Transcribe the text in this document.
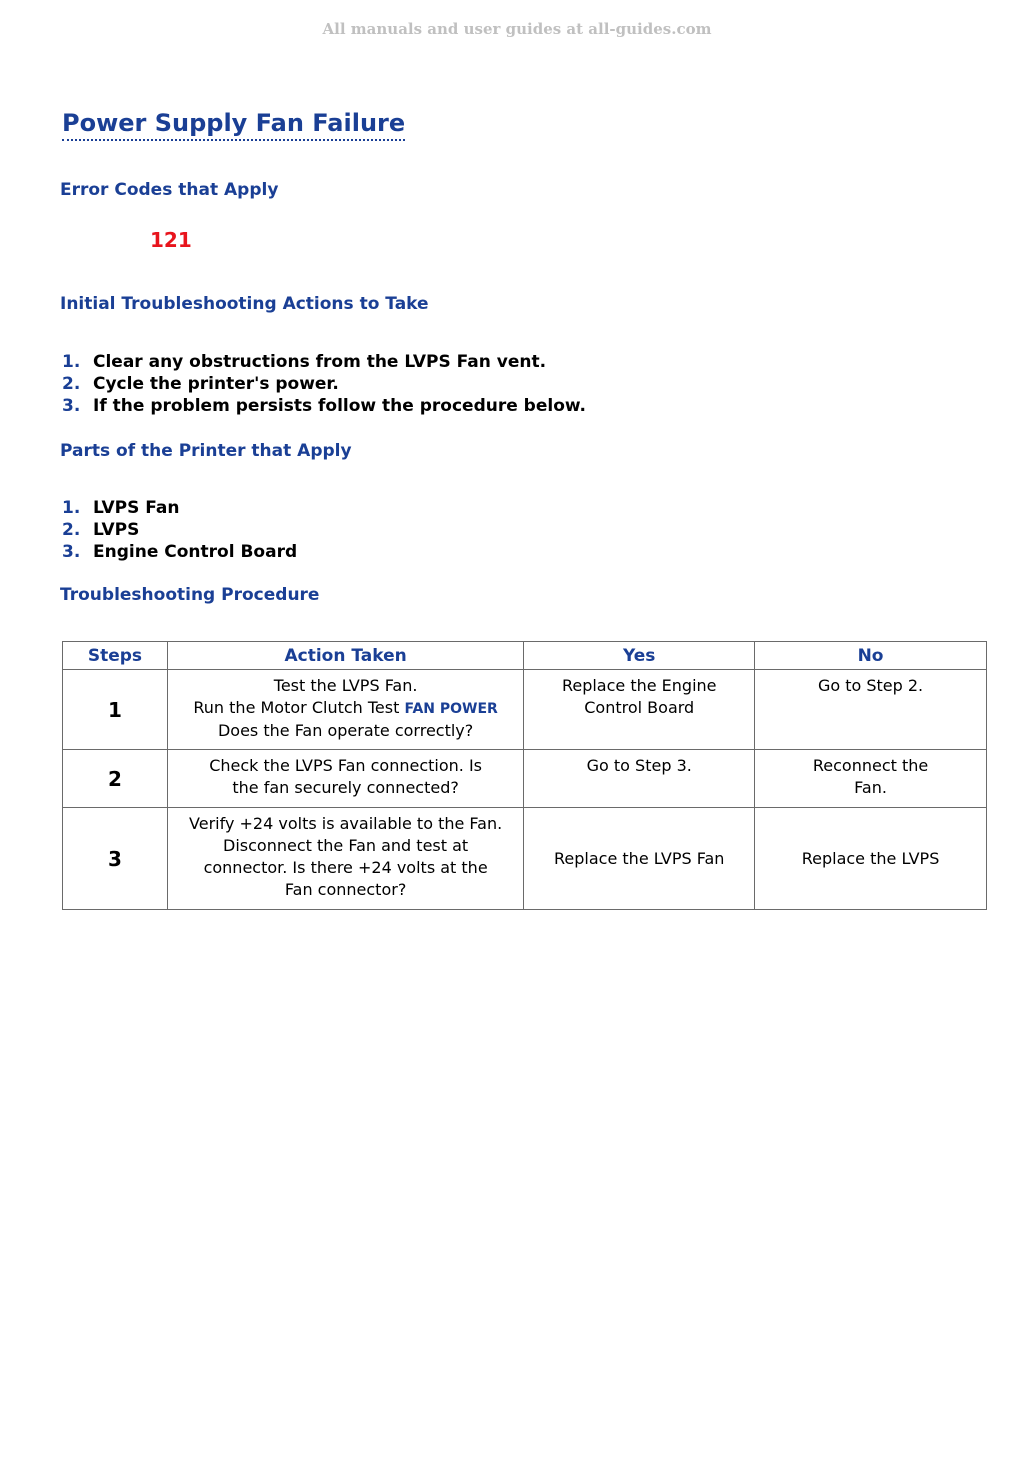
All manuals and user guides at all-guides.com
Power Supply Fan Failure
Error Codes that Apply
121
Initial Troubleshooting Actions to Take
1. Clear any obstructions from the LVPS Fan vent.
2. Cycle the printer's power.
3. If the problem persists follow the procedure below.
Parts of the Printer that Apply
1. LVPS Fan
2. LVPS
3. Engine Control Board
Troubleshooting Procedure
Steps	Action Taken	Yes	No
1	Test the LVPS Fan.
Run the Motor Clutch Test FAN POWER
Does the Fan operate correctly?	Replace the Engine Control Board	Go to Step 2.
2	Check the LVPS Fan connection. Is the fan securely connected?	Go to Step 3.	Reconnect the Fan.
3	Verify +24 volts is available to the Fan. Disconnect the Fan and test at connector. Is there +24 volts at the Fan connector?	Replace the LVPS Fan	Replace the LVPS
